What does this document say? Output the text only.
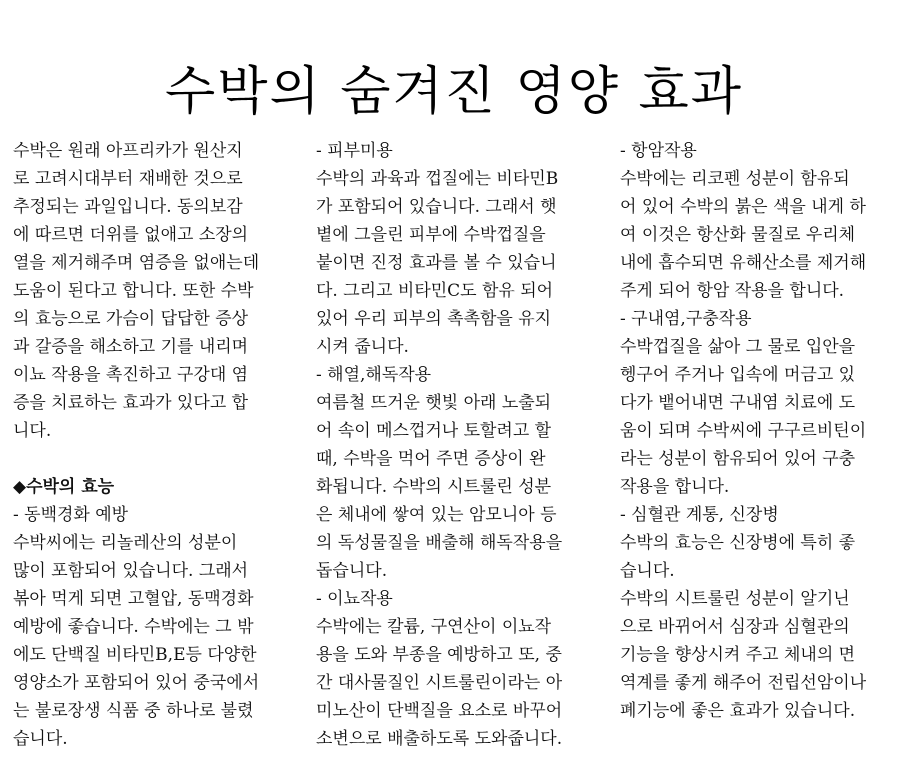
수박의 숨겨진 영양 효과
수박은 원래 아프리카가 원산지
로 고려시대부터 재배한 것으로
추정되는 과일입니다. 동의보감
에 따르면 더위를 없애고 소장의
열을 제거해주며 염증을 없애는데
도움이 된다고 합니다. 또한 수박
의 효능으로 가슴이 답답한 증상
과 갈증을 해소하고 기를 내리며
이뇨 작용을 촉진하고 구강대 염
증을 치료하는 효과가 있다고 합
니다.
◆수박의 효능
- 동백경화 예방
수박씨에는 리놀레산의 성분이
많이 포함되어 있습니다. 그래서
볶아 먹게 되면 고혈압, 동맥경화
예방에 좋습니다. 수박에는 그 밖
에도 단백질 비타민B,E등 다양한
영양소가 포함되어 있어 중국에서
는 불로장생 식품 중 하나로 불렸
습니다.
- 피부미용
수박의 과육과 껍질에는 비타민B
가 포함되어 있습니다. 그래서 햇
볕에 그을린 피부에 수박껍질을
붙이면 진정 효과를 볼 수 있습니
다. 그리고 비타민C도 함유 되어
있어 우리 피부의 촉촉함을 유지
시켜 줍니다.
- 해열,해독작용
여름철 뜨거운 햇빛 아래 노출되
어 속이 메스껍거나 토할려고 할
때, 수박을 먹어 주면 증상이 완
화됩니다. 수박의 시트룰린 성분
은 체내에 쌓여 있는 암모니아 등
의 독성물질을 배출해 해독작용을
돕습니다.
- 이뇨작용
수박에는 칼륨, 구연산이 이뇨작
용을 도와 부종을 예방하고 또, 중
간 대사물질인 시트룰린이라는 아
미노산이 단백질을 요소로 바꾸어
소변으로 배출하도록 도와줍니다.
- 항암작용
수박에는 리코펜 성분이 함유되
어 있어 수박의 붉은 색을 내게 하
여 이것은 항산화 물질로 우리체
내에 흡수되면 유해산소를 제거해
주게 되어 항암 작용을 합니다.
- 구내염,구충작용
수박껍질을 삶아 그 물로 입안을
헹구어 주거나 입속에 머금고 있
다가 뱉어내면 구내염 치료에 도
움이 되며 수박씨에 구구르비틴이
라는 성분이 함유되어 있어 구충
작용을 합니다.
- 심혈관 계통, 신장병
수박의 효능은 신장병에 특히 좋
습니다.
수박의 시트룰린 성분이 알기닌
으로 바뀌어서 심장과 심혈관의
기능을 향상시켜 주고 체내의 면
역계를 좋게 해주어 전립선암이나
폐기능에 좋은 효과가 있습니다.
